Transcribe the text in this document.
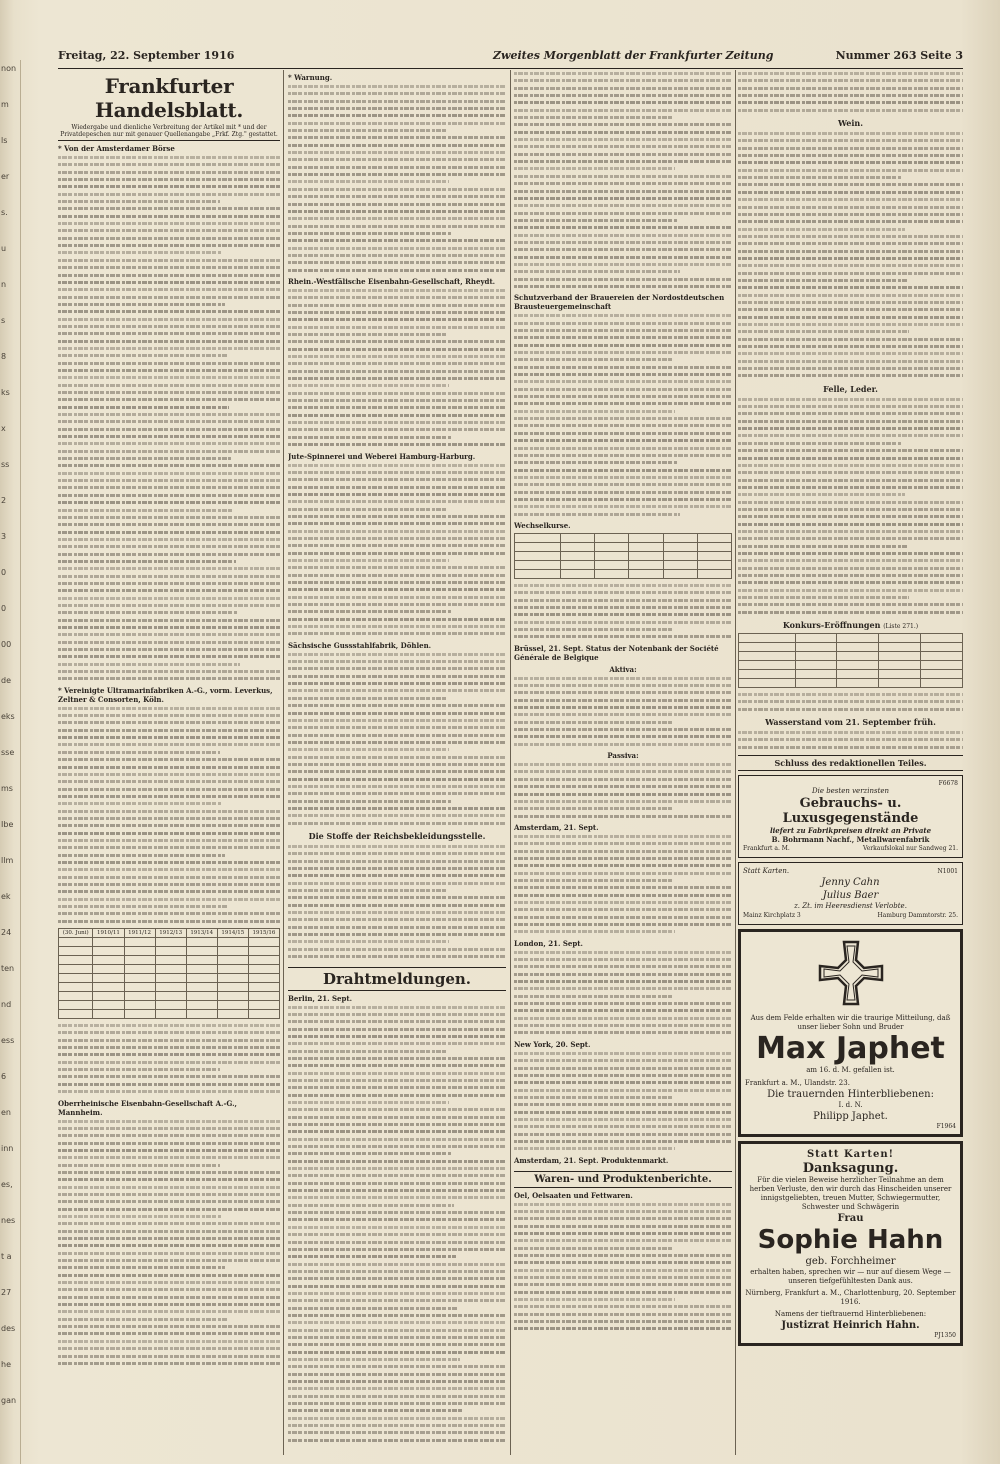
non
m
ls
er
s.
u
n
s
8
ks
x
ss
2
3
0
0
00
de
eks
sse
ms
Ibe
llm
ek
24
ten
nd
ess
6
en
inn
es,
nes
t a
27
des
he
gan
Freitag, 22. September 1916	Zweites Morgenblatt der Frankfurter Zeitung	Nummer 263 Seite 3
Frankfurter Handelsblatt.
Wiedergabe und dienliche Verbreitung der Artikel mit * und der Privatdepeschen nur mit genauer Quellenangabe „Frkf. Ztg." gestattet.
* Von der Amsterdamer Börse
* Vereinigte Ultramarinfabriken A.-G., vorm. Leverkus, Zeltner & Consorten, Köln.
(30. Juni)	1910/11	1911/12	1912/13	1913/14	1914/15	1915/16

Oberrheinische Eisenbahn-Gesellschaft A.-G., Mannheim.
* Warnung.
Rhein.-Westfälische Eisenbahn-Gesellschaft, Rheydt.
Jute-Spinnerei und Weberei Hamburg-Harburg.
Sächsische Gussstahlfabrik, Döhlen.
Die Stoffe der Reichsbekleidungsstelle.
Drahtmeldungen.
Berlin, 21. Sept.
Schutzverband der Brauereien der Nordostdeutschen Brausteuergemeinschaft
Wechselkurse.

Brüssel, 21. Sept. Status der Notenbank der Société Générale de Belgique
Aktiva:
Passiva:
Amsterdam, 21. Sept.
London, 21. Sept.
New York, 20. Sept.
Amsterdam, 21. Sept. Produktenmarkt.
Waren- und Produktenberichte.
Oel, Oelsaaten und Fettwaren.
Wein.
Felle, Leder.
Konkurs-Eröffnungen (Liste 271.)

Wasserstand vom 21. September früh.
Schluss des redaktionellen Teiles.
F6678
Die besten verzinsten
Gebrauchs- u. Luxusgegenstände
liefert zu Fabrikpreisen direkt an Private
B. Bohrmann Nachf., Metallwarenfabrik
Frankfurt a. M.	Verkaufslokal nur Sandweg 21.
Statt Karten.	N1001
Jenny Cahn
Julius Baer
z. Zt. im Heeresdienst Verlobte.
Mainz Kirchplatz 3	Hamburg Dammtorstr. 25.
Aus dem Felde erhalten wir die traurige Mitteilung, daß unser lieber Sohn und Bruder
Max Japhet
am 16. d. M. gefallen ist.
Frankfurt a. M., Ulandstr. 23.
Die trauernden Hinterbliebenen:
I. d. N.
Philipp Japhet.
F1964
Statt Karten!
Danksagung.
Für die vielen Beweise herzlicher Teilnahme an dem herben Verluste, den wir durch das Hinscheiden unserer innigstgeliebten, treuen Mutter, Schwiegermutter, Schwester und Schwägerin
Frau
Sophie Hahn
geb. Forchheimer
erhalten haben, sprechen wir — nur auf diesem Wege — unseren tiefgefühltesten Dank aus.
Nürnberg, Frankfurt a. M., Charlottenburg, 20. September 1916.
Namens der tieftrauernd Hinterbliebenen:
Justizrat Heinrich Hahn.
PJ1350
